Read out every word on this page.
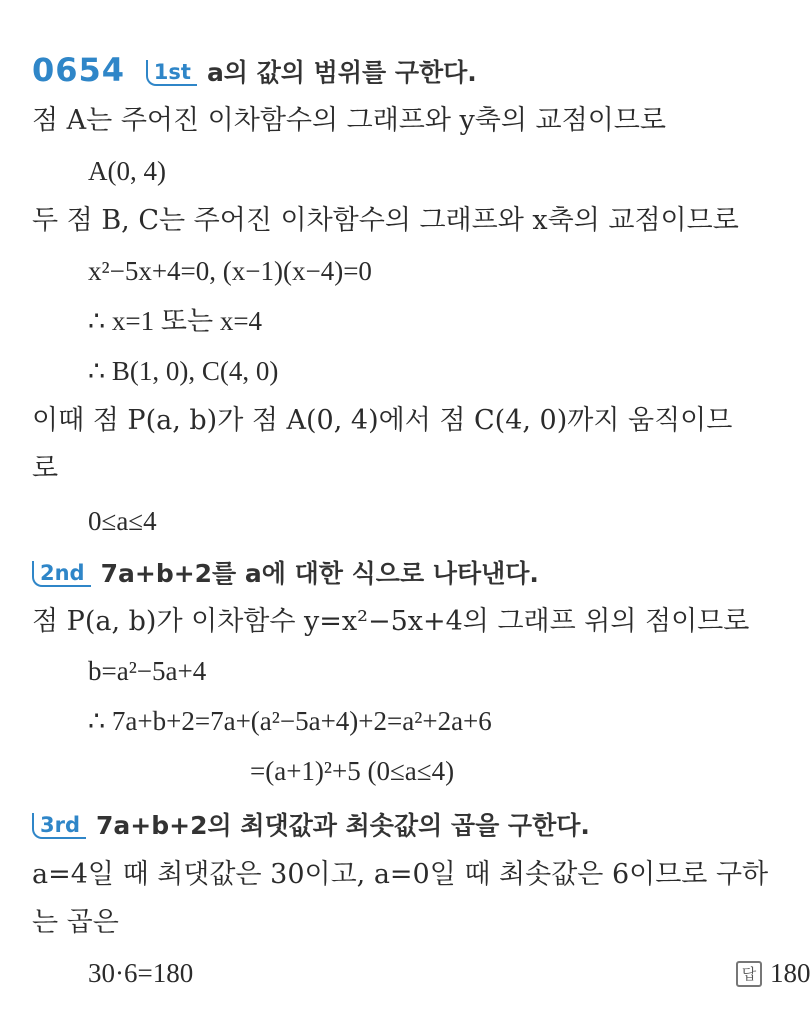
0654 1st a의 값의 범위를 구한다.
점 A는 주어진 이차함수의 그래프와 y축의 교점이므로
A(0, 4)
두 점 B, C는 주어진 이차함수의 그래프와 x축의 교점이므로
x²−5x+4=0, (x−1)(x−4)=0
∴ x=1 또는 x=4
∴ B(1, 0), C(4, 0)
이때 점 P(a, b)가 점 A(0, 4)에서 점 C(4, 0)까지 움직이므
로
0≤a≤4
2nd 7a+b+2를 a에 대한 식으로 나타낸다.
점 P(a, b)가 이차함수 y=x²−5x+4의 그래프 위의 점이므로
b=a²−5a+4
∴ 7a+b+2=7a+(a²−5a+4)+2=a²+2a+6
=(a+1)²+5 (0≤a≤4)
3rd 7a+b+2의 최댓값과 최솟값의 곱을 구한다.
a=4일 때 최댓값은 30이고, a=0일 때 최솟값은 6이므로 구하
는 곱은
30·6=180	답 180
